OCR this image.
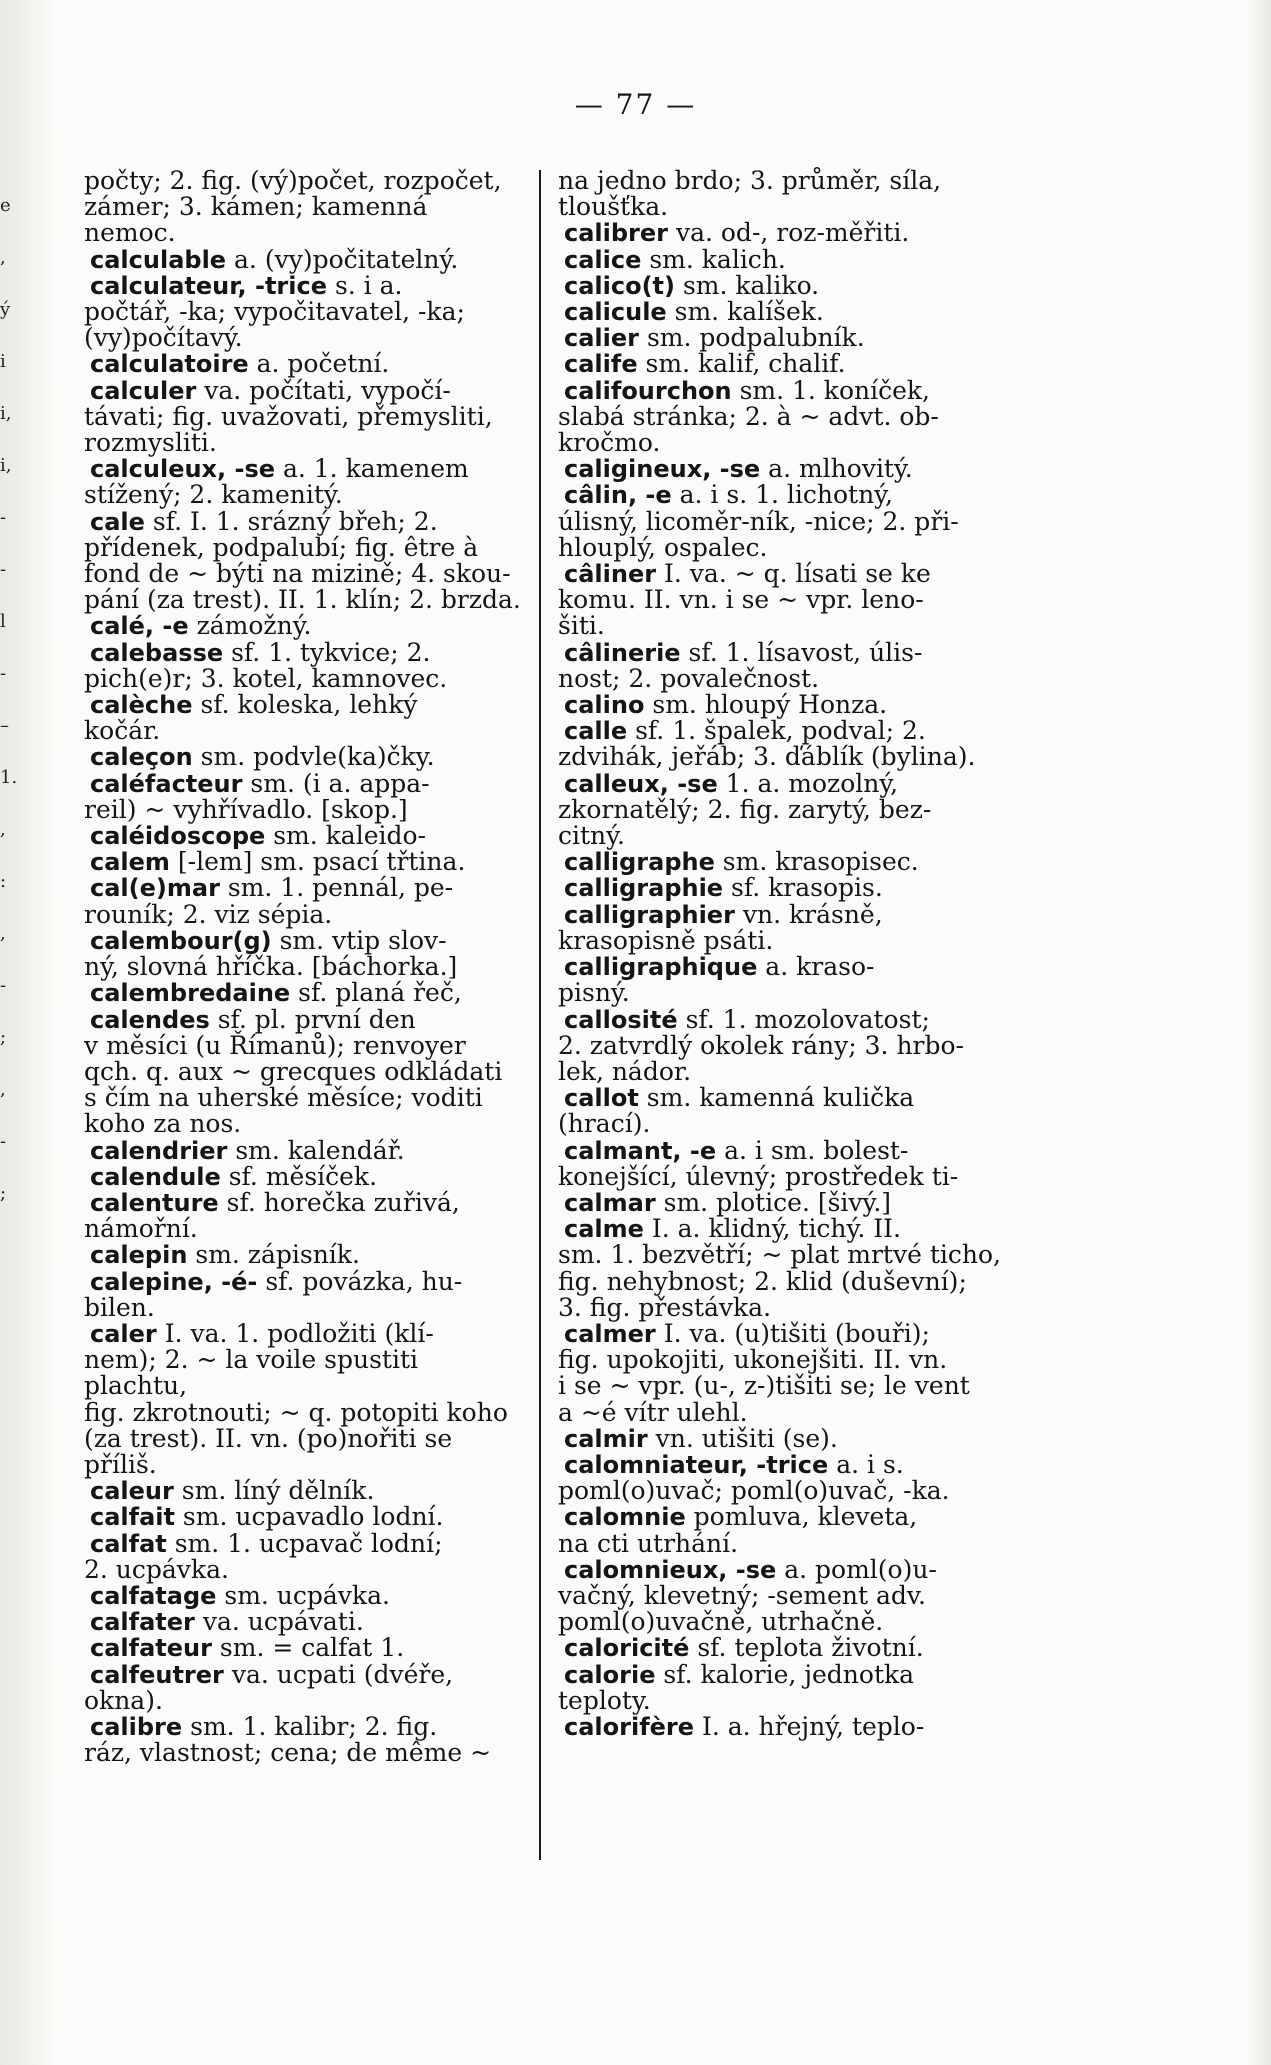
e
,
ý
i
i,
i,
-
-
l
-
–
1.
,
:
,
-
;
,
-
;
— 77 —

počty; 2. fig. (vý)počet, rozpočet,

zámer; 3. kámen; kamenná nemoc.

calculable a. (vy)počitatelný.

calculateur, -trice s. i a.

počtář, -ka; vypočitavatel, -ka;

(vy)počítavý.

calculatoire a. početní.

calculer va. počítati, vypočí-

távati; fig. uvažovati, přemysliti,

rozmysliti.

calculeux, -se a. 1. kamenem

stížený; 2. kamenitý.

cale sf. I. 1. srázný břeh; 2.

přídenek, podpalubí; fig. être à

fond de ~ býti na mizině; 4. skou-

pání (za trest). II. 1. klín; 2. brzda.

calé, -e zámožný.

calebasse sf. 1. tykvice; 2.

pich(e)r; 3. kotel, kamnovec.

calèche sf. koleska, lehký

kočár.

caleçon sm. podvle(ka)čky.

caléfacteur sm. (i a. appa-

reil) ~ vyhřívadlo. [skop.]

caléidoscope sm. kaleido-

calem [-lem] sm. psací třtina.

cal(e)mar sm. 1. pennál, pe-

rouník; 2. viz sépia.

calembour(g) sm. vtip slov-

ný, slovná hříčka. [báchorka.]

calembredaine sf. planá řeč,

calendes sf. pl. první den

v měsíci (u Římanů); renvoyer

qch. q. aux ~ grecques odkládati

s čím na uherské měsíce; voditi

koho za nos.

calendrier sm. kalendář.

calendule sf. měsíček.

calenture sf. horečka zuřivá,

námořní.

calepin sm. zápisník.

calepine, -é- sf. povázka, hu-

bilen.

caler I. va. 1. podložiti (klí-

nem); 2. ~ la voile spustiti plachtu,

fig. zkrotnouti; ~ q. potopiti koho

(za trest). II. vn. (po)nořiti se

příliš.

caleur sm. líný dělník.

calfait sm. ucpavadlo lodní.

calfat sm. 1. ucpavač lodní;

2. ucpávka.

calfatage sm. ucpávka.

calfater va. ucpávati.

calfateur sm. = calfat 1.

calfeutrer va. ucpati (dvéře,

okna).

calibre sm. 1. kalibr; 2. fig.

ráz, vlastnost; cena; de même ~

na jedno brdo; 3. průměr, síla,

tloušťka.

calibrer va. od-, roz-měřiti.

calice sm. kalich.

calico(t) sm. kaliko.

calicule sm. kalíšek.

calier sm. podpalubník.

calife sm. kalif, chalif.

califourchon sm. 1. koníček,

slabá stránka; 2. à ~ advt. ob-

kročmo.

caligineux, -se a. mlhovitý.

câlin, -e a. i s. 1. lichotný,

úlisný, licoměr-ník, -nice; 2. při-

hlouplý, ospalec.

câliner I. va. ~ q. lísati se ke

komu. II. vn. i se ~ vpr. leno-

šiti.

câlinerie sf. 1. lísavost, úlis-

nost; 2. povalečnost.

calino sm. hloupý Honza.

calle sf. 1. špalek, podval; 2.

zdvihák, jeřáb; 3. ďáblík (bylina).

calleux, -se 1. a. mozolný,

zkornatělý; 2. fig. zarytý, bez-

citný.

calligraphe sm. krasopisec.

calligraphie sf. krasopis.

calligraphier vn. krásně,

krasopisně psáti.

calligraphique a. kraso-

pisný.

callosité sf. 1. mozolovatost;

2. zatvrdlý okolek rány; 3. hrbo-

lek, nádor.

callot sm. kamenná kulička

(hrací).

calmant, -e a. i sm. bolest-

konejšící, úlevný; prostředek ti-

calmar sm. plotice. [šivý.]

calme I. a. klidný, tichý. II.

sm. 1. bezvětří; ~ plat mrtvé ticho,

fig. nehybnost; 2. klid (duševní);

3. fig. přestávka.

calmer I. va. (u)tišiti (bouři);

fig. upokojiti, ukonejšiti. II. vn.

i se ~ vpr. (u-, z-)tišiti se; le vent

a ~é vítr ulehl.

calmir vn. utišiti (se).

calomniateur, -trice a. i s.

poml(o)uvač; poml(o)uvač, -ka.

calomnie pomluva, kleveta,

na cti utrhání.

calomnieux, -se a. poml(o)u-

vačný, klevetný; -sement adv.

poml(o)uvačně, utrhačně.

caloricité sf. teplota životní.

calorie sf. kalorie, jednotka

teploty.

calorifère I. a. hřejný, teplo-
